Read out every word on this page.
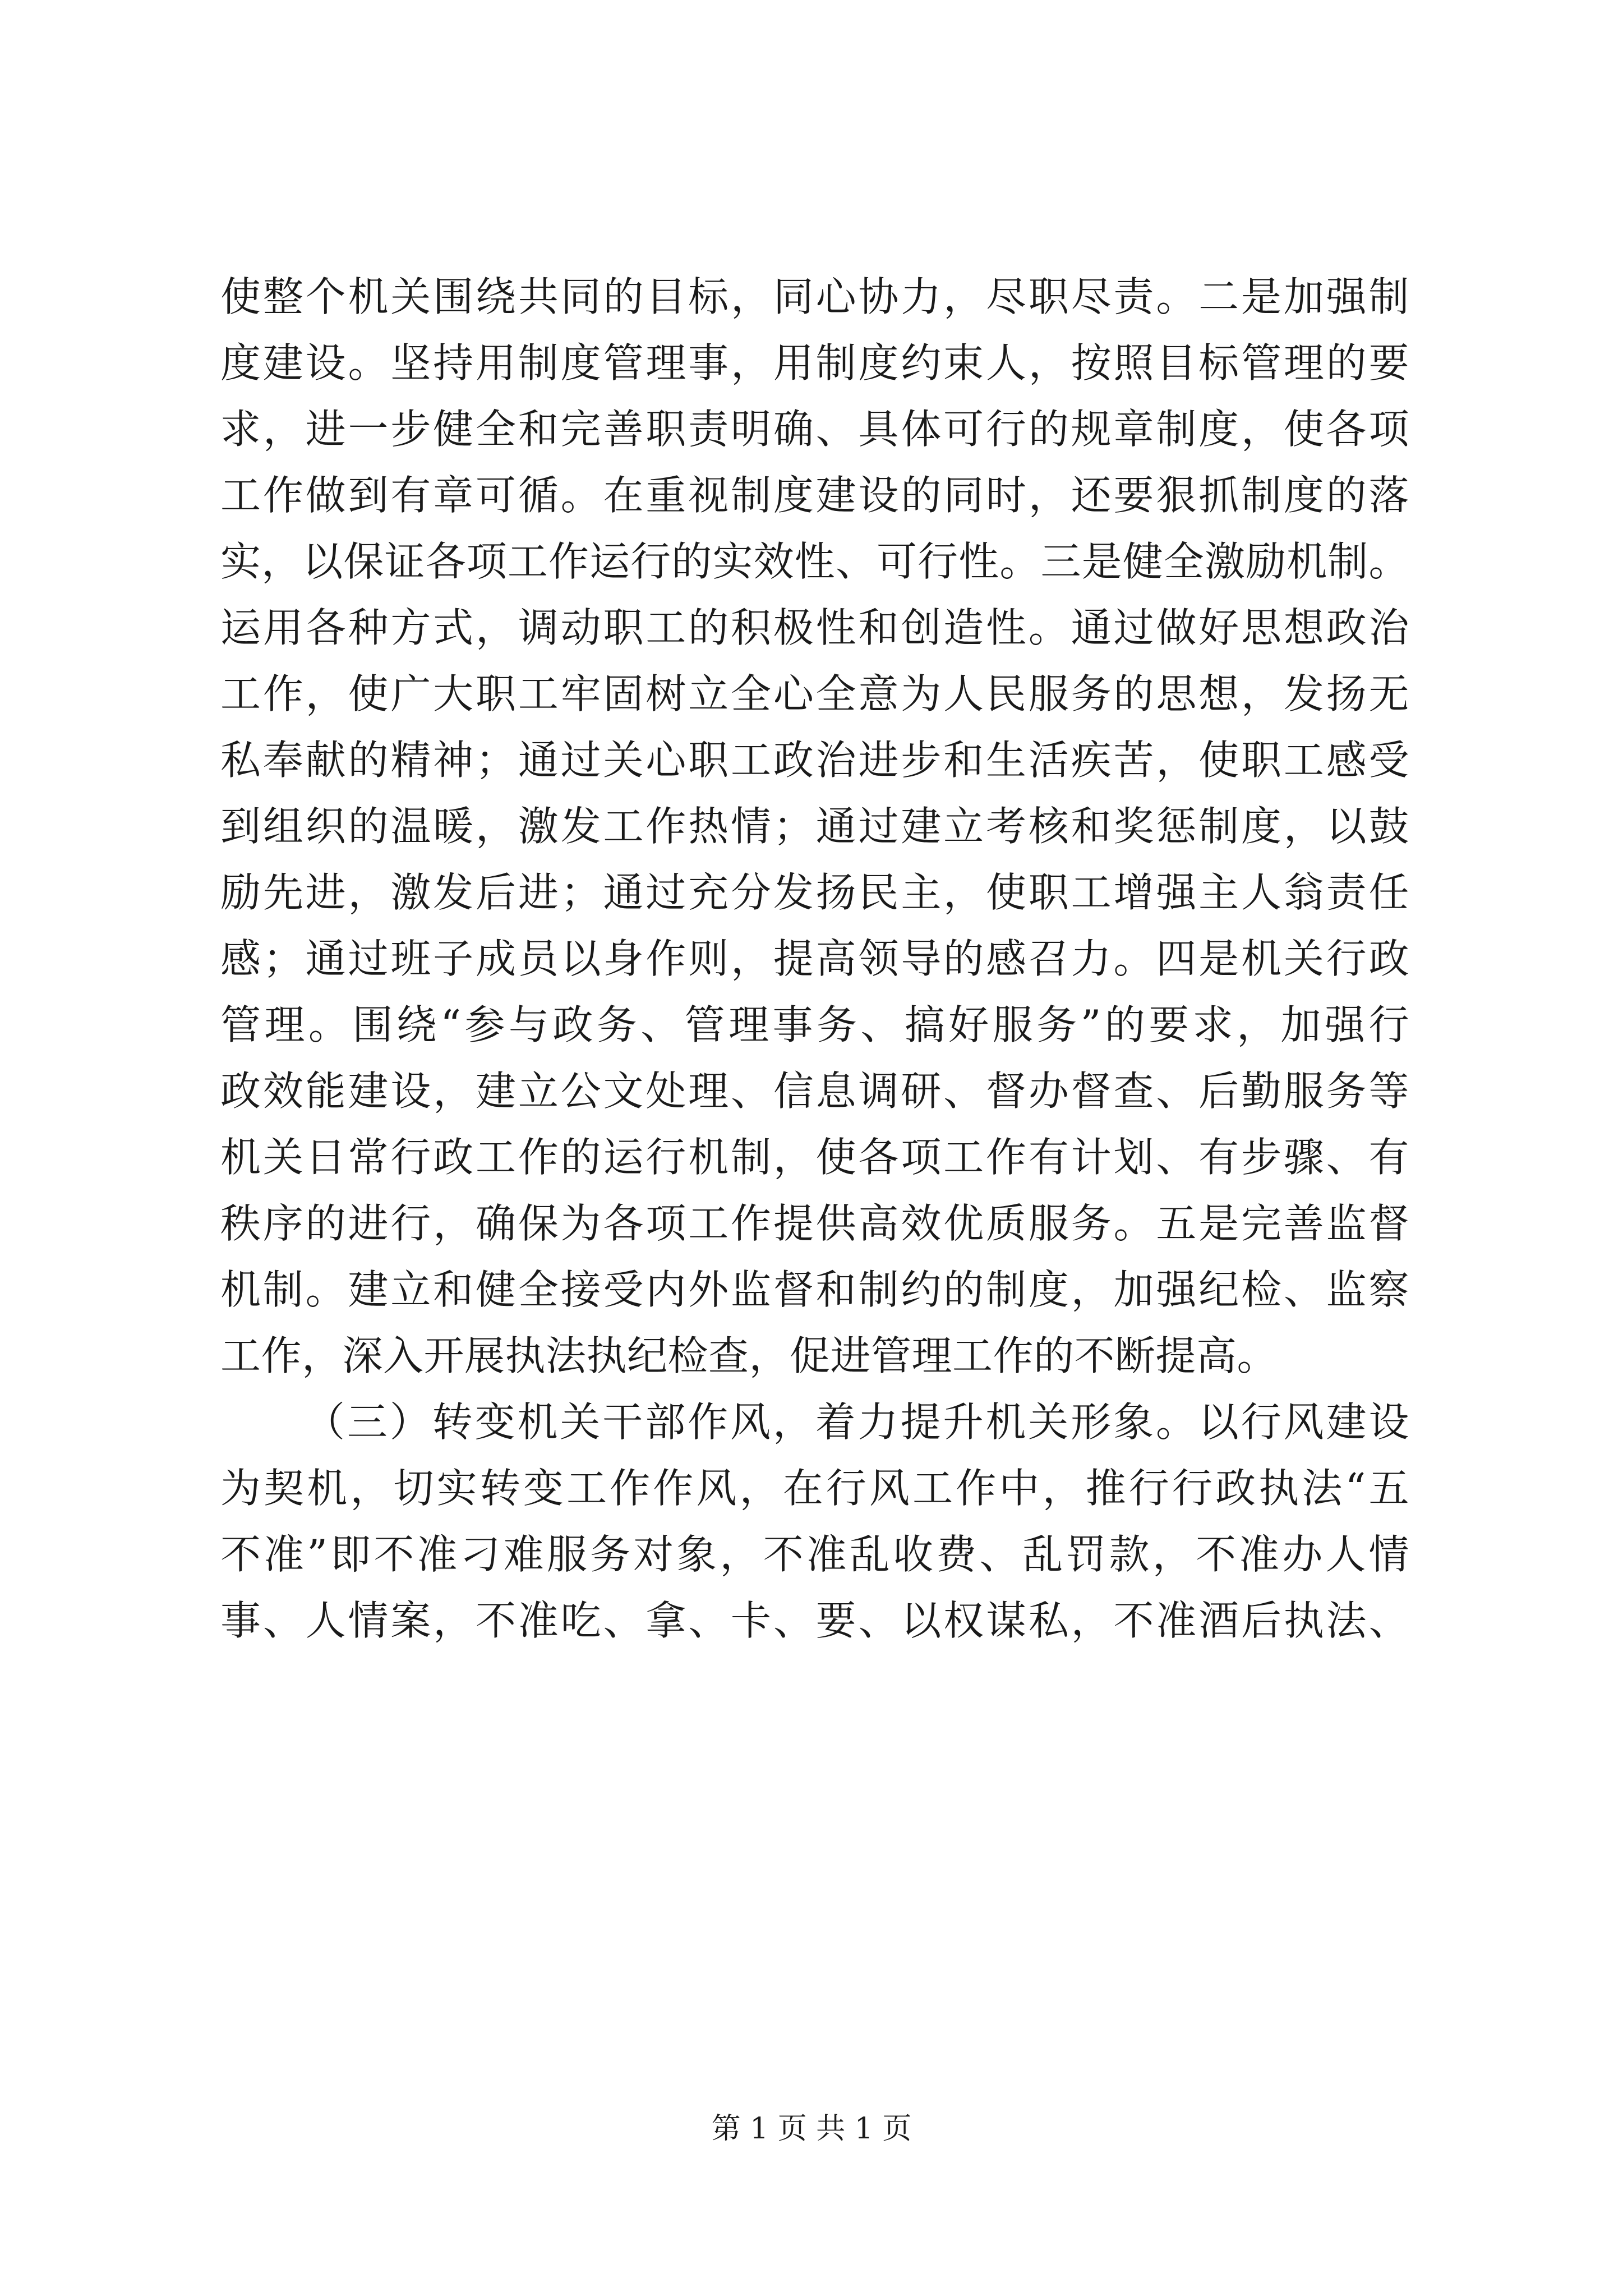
使整个机关围绕共同的目标，同心协力，尽职尽责。二是加强制
度建设。坚持用制度管理事，用制度约束人，按照目标管理的要
求，进一步健全和完善职责明确、具体可行的规章制度，使各项
工作做到有章可循。在重视制度建设的同时，还要狠抓制度的落
实，以保证各项工作运行的实效性、可行性。三是健全激励机制。
运用各种方式，调动职工的积极性和创造性。通过做好思想政治
工作，使广大职工牢固树立全心全意为人民服务的思想，发扬无
私奉献的精神；通过关心职工政治进步和生活疾苦，使职工感受
到组织的温暖，激发工作热情；通过建立考核和奖惩制度，以鼓
励先进，激发后进；通过充分发扬民主，使职工增强主人翁责任
感；通过班子成员以身作则，提高领导的感召力。四是机关行政
管理。围绕“参与政务、管理事务、搞好服务”的要求，加强行
政效能建设，建立公文处理、信息调研、督办督查、后勤服务等
机关日常行政工作的运行机制，使各项工作有计划、有步骤、有
秩序的进行，确保为各项工作提供高效优质服务。五是完善监督
机制。建立和健全接受内外监督和制约的制度，加强纪检、监察
工作，深入开展执法执纪检查，促进管理工作的不断提高。
（三）转变机关干部作风，着力提升机关形象。以行风建设
为契机，切实转变工作作风，在行风工作中，推行行政执法“五
不准”即不准刁难服务对象，不准乱收费、乱罚款，不准办人情
事、人情案，不准吃、拿、卡、要、以权谋私，不准酒后执法、
第 1 页 共 1 页
